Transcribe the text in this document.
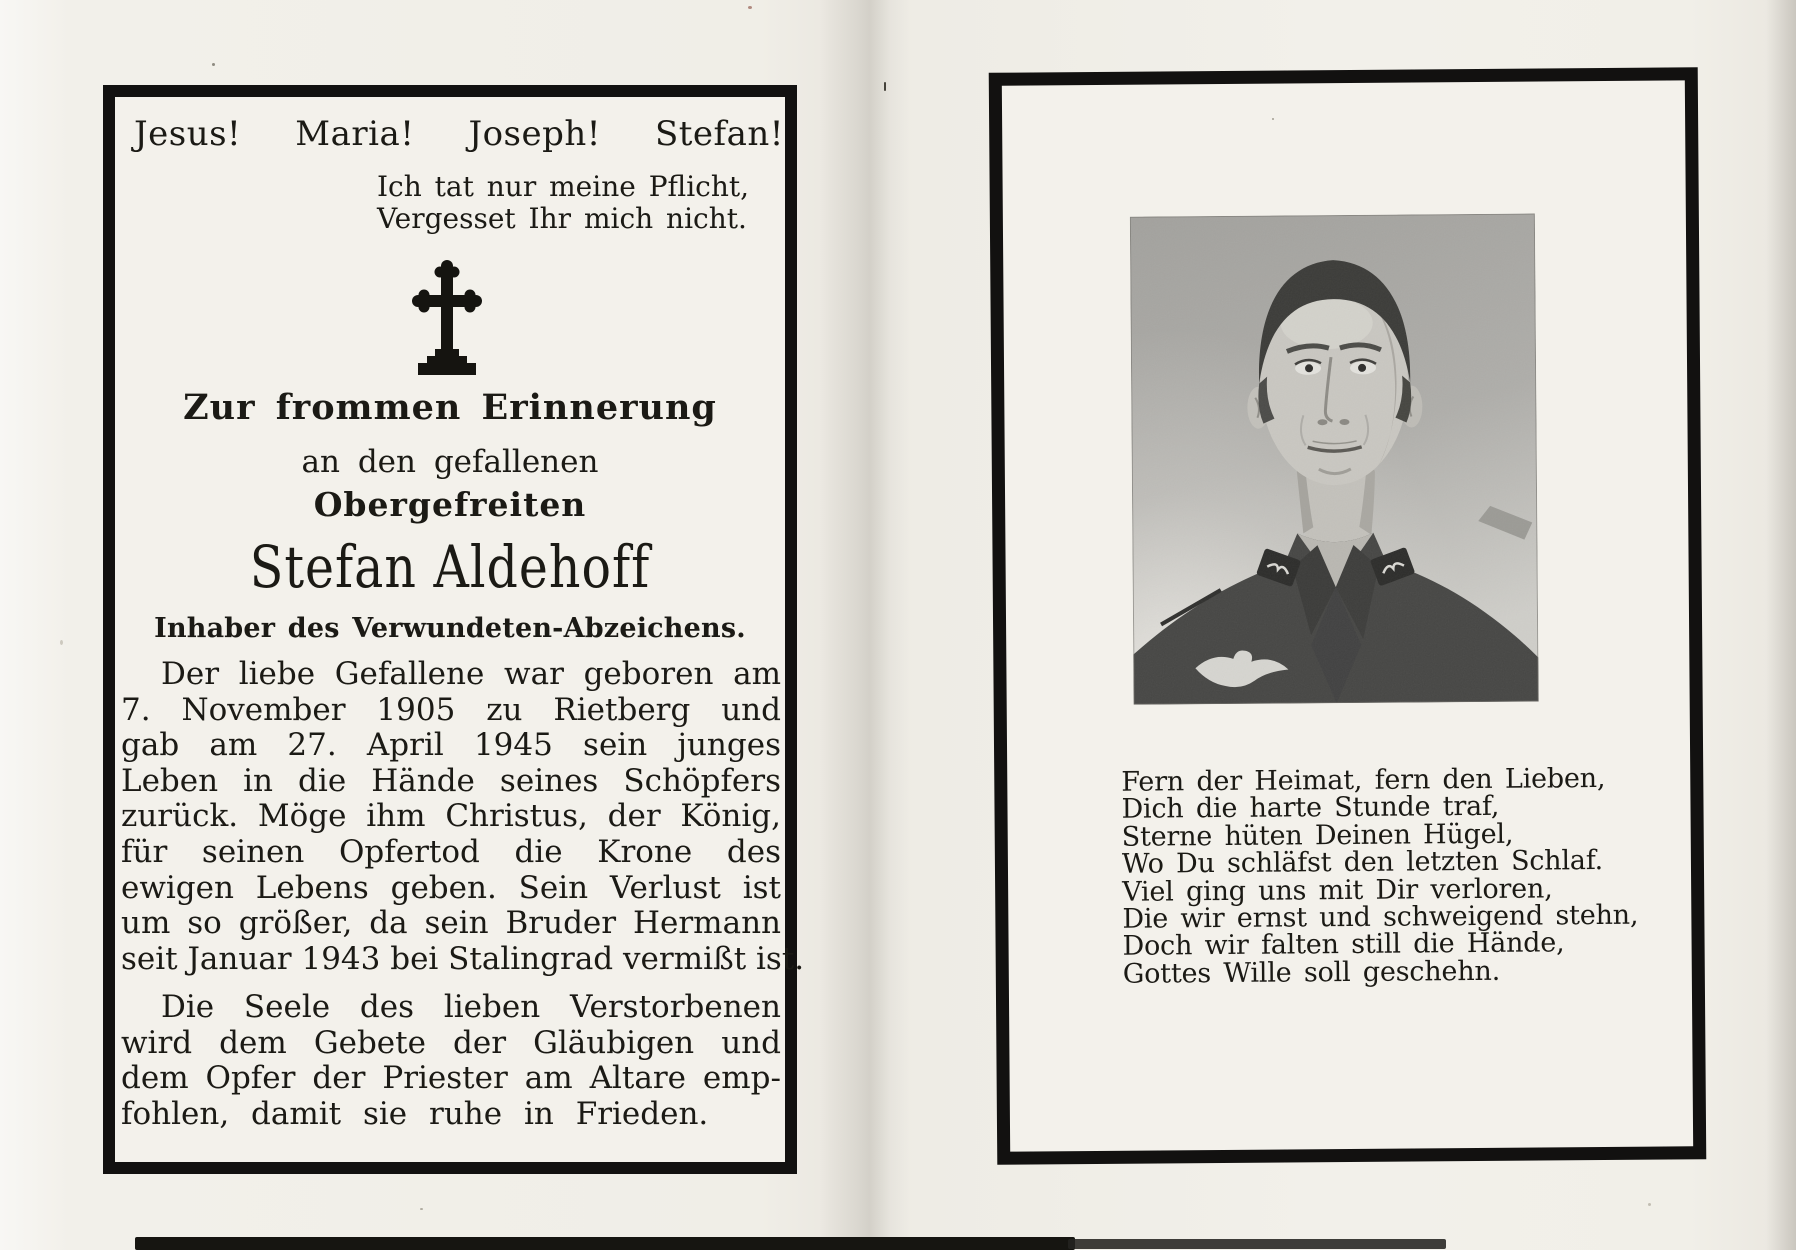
Jesus! Maria! Joseph! Stefan!
Ich tat nur meine Pflicht,
Vergesset Ihr mich nicht.
Zur frommen Erinnerung
an den gefallenen
Obergefreiten
Stefan Aldehoff
Inhaber des Verwundeten-Abzeichens.
Der liebe Gefallene war geboren am
7. November 1905 zu Rietberg und
gab am 27. April 1945 sein junges
Leben in die Hände seines Schöpfers
zurück. Möge ihm Christus, der König,
für seinen Opfertod die Krone des
ewigen Lebens geben. Sein Verlust ist
um so größer, da sein Bruder Hermann
seit Januar 1943 bei Stalingrad vermißt ist.
Die Seele des lieben Verstorbenen
wird dem Gebete der Gläubigen und
dem Opfer der Priester am Altare emp-
fohlen, damit sie ruhe in Frieden.
Fern der Heimat, fern den Lieben,
Dich die harte Stunde traf,
Sterne hüten Deinen Hügel,
Wo Du schläfst den letzten Schlaf.
Viel ging uns mit Dir verloren,
Die wir ernst und schweigend stehn,
Doch wir falten still die Hände,
Gottes Wille soll geschehn.
